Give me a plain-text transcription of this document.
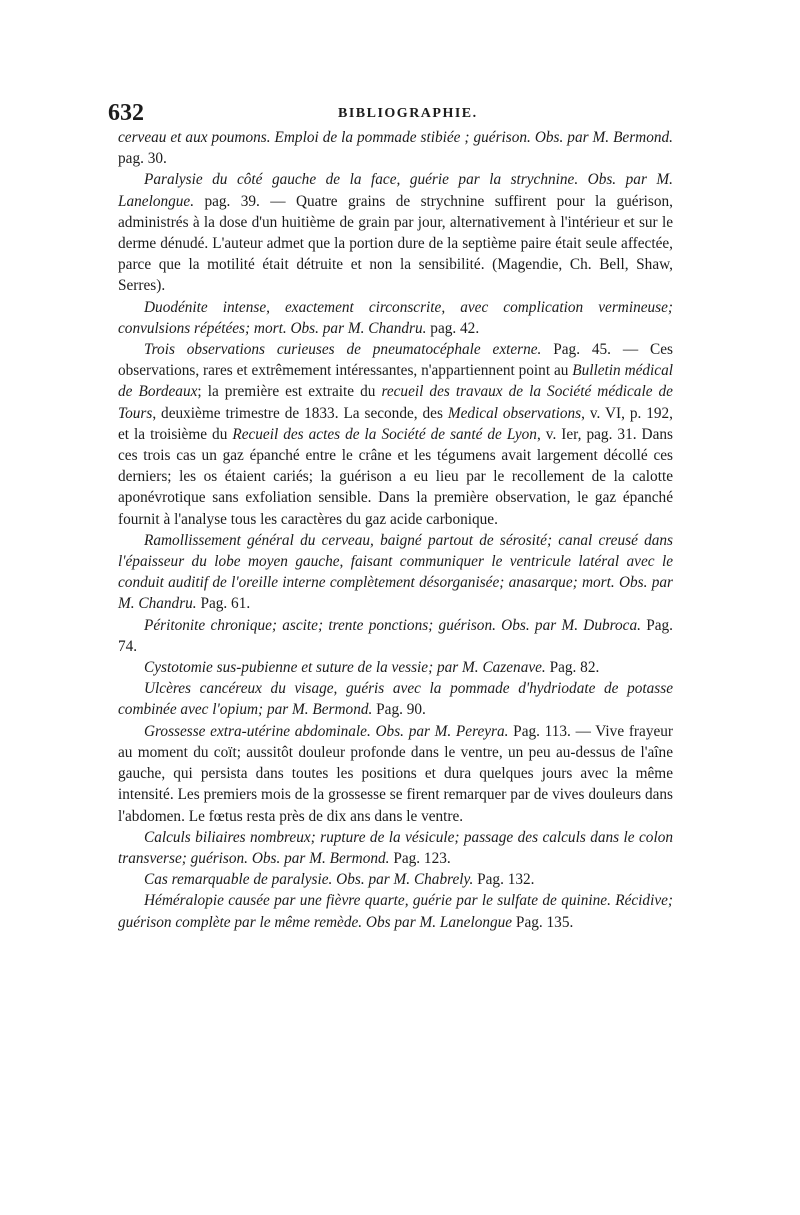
632	BIBLIOGRAPHIE.

cerveau et aux poumons. Emploi de la pommade stibiée ; guérison. Obs. par M. Bermond. pag. 30.

Paralysie du côté gauche de la face, guérie par la strychnine. Obs. par M. Lanelongue. pag. 39. — Quatre grains de strychnine suffirent pour la guérison, administrés à la dose d'un huitième de grain par jour, alternativement à l'intérieur et sur le derme dénudé. L'auteur admet que la portion dure de la septième paire était seule affectée, parce que la motilité était détruite et non la sensibilité. (Magendie, Ch. Bell, Shaw, Serres).

Duodénite intense, exactement circonscrite, avec complication vermineuse; convulsions répétées; mort. Obs. par M. Chandru. pag. 42.

Trois observations curieuses de pneumatocéphale externe. Pag. 45. — Ces observations, rares et extrêmement intéressantes, n'appartiennent point au Bulletin médical de Bordeaux; la première est extraite du recueil des travaux de la Société médicale de Tours, deuxième trimestre de 1833. La seconde, des Medical observations, v. VI, p. 192, et la troisième du Recueil des actes de la Société de santé de Lyon, v. Ier, pag. 31. Dans ces trois cas un gaz épanché entre le crâne et les tégumens avait largement décollé ces derniers; les os étaient cariés; la guérison a eu lieu par le recollement de la calotte aponévrotique sans exfoliation sensible. Dans la première observation, le gaz épanché fournit à l'analyse tous les caractères du gaz acide carbonique.

Ramollissement général du cerveau, baigné partout de sérosité; canal creusé dans l'épaisseur du lobe moyen gauche, faisant communiquer le ventricule latéral avec le conduit auditif de l'oreille interne complètement désorganisée; anasarque; mort. Obs. par M. Chandru. Pag. 61.

Péritonite chronique; ascite; trente ponctions; guérison. Obs. par M. Dubroca. Pag. 74.

Cystotomie sus-pubienne et suture de la vessie; par M. Cazenave. Pag. 82.

Ulcères cancéreux du visage, guéris avec la pommade d'hydriodate de potasse combinée avec l'opium; par M. Bermond. Pag. 90.

Grossesse extra-utérine abdominale. Obs. par M. Pereyra. Pag. 113. — Vive frayeur au moment du coït; aussitôt douleur profonde dans le ventre, un peu au-dessus de l'aîne gauche, qui persista dans toutes les positions et dura quelques jours avec la même intensité. Les premiers mois de la grossesse se firent remarquer par de vives douleurs dans l'abdomen. Le fœtus resta près de dix ans dans le ventre.

Calculs biliaires nombreux; rupture de la vésicule; passage des calculs dans le colon transverse; guérison. Obs. par M. Bermond. Pag. 123.

Cas remarquable de paralysie. Obs. par M. Chabrely. Pag. 132.

Héméralopie causée par une fièvre quarte, guérie par le sulfate de quinine. Récidive; guérison complète par le même remède. Obs par M. Lanelongue Pag. 135.
